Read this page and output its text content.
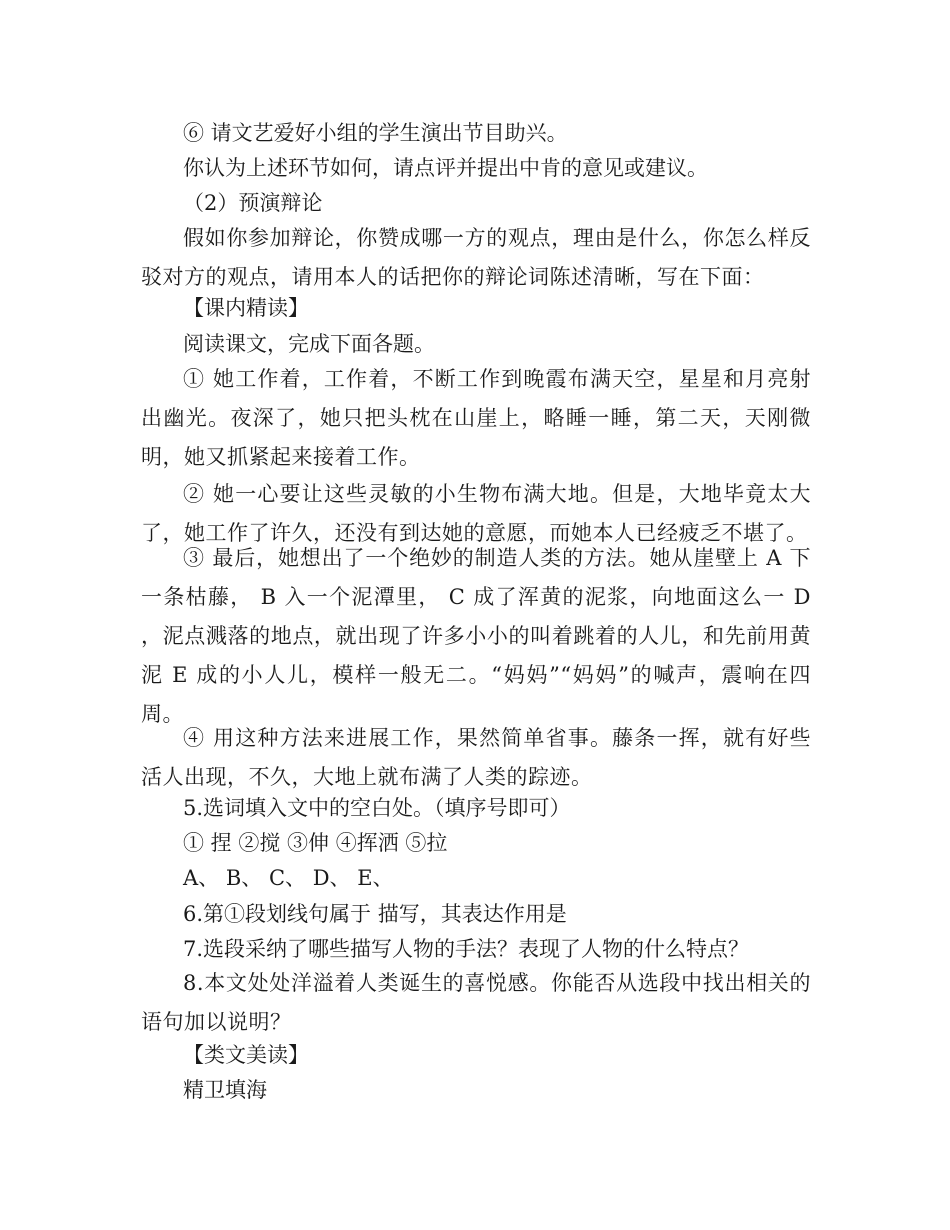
⑥ 请文艺爱好小组的学生演出节目助兴。
你认为上述环节如何，请点评并提出中肯的意见或建议。
（2）预演辩论
假如你参加辩论，你赞成哪一方的观点，理由是什么，你怎么样反驳对方的观点，请用本人的话把你的辩论词陈述清晰，写在下面：
【课内精读】
阅读课文，完成下面各题。
① 她工作着，工作着，不断工作到晚霞布满天空，星星和月亮射出幽光。夜深了，她只把头枕在山崖上，略睡一睡，第二天，天刚微明，她又抓紧起来接着工作。
② 她一心要让这些灵敏的小生物布满大地。但是，大地毕竟太大了，她工作了许久，还没有到达她的意愿，而她本人已经疲乏不堪了。
③ 最后，她想出了一个绝妙的制造人类的方法。她从崖壁上 A 下一条枯藤， B 入一个泥潭里， C 成了浑黄的泥浆，向地面这么一 D ，泥点溅落的地点，就出现了许多小小的叫着跳着的人儿，和先前用黄泥 E 成的小人儿，模样一般无二。“妈妈”“妈妈”的喊声，震响在四周。
④ 用这种方法来进展工作，果然简单省事。藤条一挥，就有好些活人出现，不久，大地上就布满了人类的踪迹。
5.选词填入文中的空白处。（填序号即可）
① 捏 ②搅 ③伸 ④挥洒 ⑤拉
A、 B、 C、 D、 E、
6.第①段划线句属于 描写，其表达作用是
7.选段采纳了哪些描写人物的手法？表现了人物的什么特点？
8.本文处处洋溢着人类诞生的喜悦感。你能否从选段中找出相关的语句加以说明？
【类文美读】
精卫填海
